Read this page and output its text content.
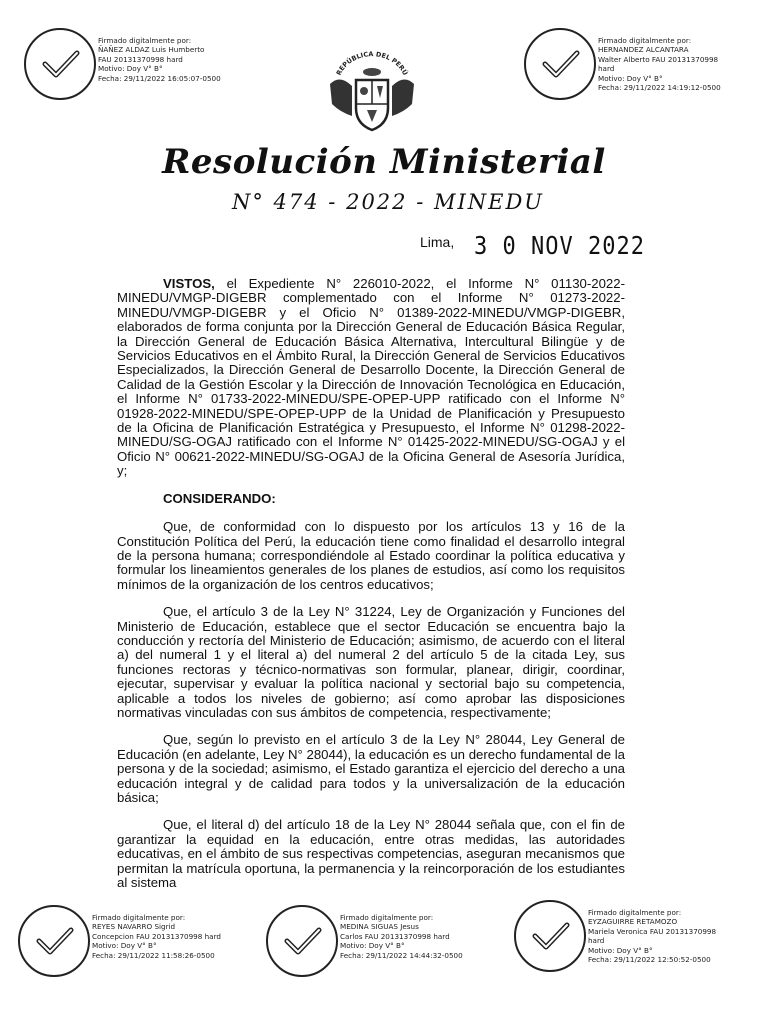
Firmado digitalmente por:
ÑAÑEZ ALDAZ Luis Humberto
FAU 20131370998 hard
Motivo: Doy V° B°
Fecha: 29/11/2022 16:05:07-0500
Firmado digitalmente por:
HERNANDEZ ALCANTARA
Walter Alberto FAU 20131370998
hard
Motivo: Doy V° B°
Fecha: 29/11/2022 14:19:12-0500
REPÚBLICA DEL PERÚ
Resolución Ministerial
N° 474 - 2022 - MINEDU
Lima, 3 0 NOV 2022

VISTOS, el Expediente N° 226010-2022, el Informe N° 01130-2022-MINEDU/VMGP-DIGEBR complementado con el Informe N° 01273-2022-MINEDU/VMGP-DIGEBR y el Oficio N° 01389-2022-MINEDU/VMGP-DIGEBR, elaborados de forma conjunta por la Dirección General de Educación Básica Regular, la Dirección General de Educación Básica Alternativa, Intercultural Bilingüe y de Servicios Educativos en el Ámbito Rural, la Dirección General de Servicios Educativos Especializados, la Dirección General de Desarrollo Docente, la Dirección General de Calidad de la Gestión Escolar y la Dirección de Innovación Tecnológica en Educación, el Informe N° 01733-2022-MINEDU/SPE-OPEP-UPP ratificado con el Informe N° 01928-2022-MINEDU/SPE-OPEP-UPP de la Unidad de Planificación y Presupuesto de la Oficina de Planificación Estratégica y Presupuesto, el Informe N° 01298-2022-MINEDU/SG-OGAJ ratificado con el Informe N° 01425-2022-MINEDU/SG-OGAJ y el Oficio N° 00621-2022-MINEDU/SG-OGAJ de la Oficina General de Asesoría Jurídica, y;

CONSIDERANDO:

Que, de conformidad con lo dispuesto por los artículos 13 y 16 de la Constitución Política del Perú, la educación tiene como finalidad el desarrollo integral de la persona humana; correspondiéndole al Estado coordinar la política educativa y formular los lineamientos generales de los planes de estudios, así como los requisitos mínimos de la organización de los centros educativos;

Que, el artículo 3 de la Ley N° 31224, Ley de Organización y Funciones del Ministerio de Educación, establece que el sector Educación se encuentra bajo la conducción y rectoría del Ministerio de Educación; asimismo, de acuerdo con el literal a) del numeral 1 y el literal a) del numeral 2 del artículo 5 de la citada Ley, sus funciones rectoras y técnico-normativas son formular, planear, dirigir, coordinar, ejecutar, supervisar y evaluar la política nacional y sectorial bajo su competencia, aplicable a todos los niveles de gobierno; así como aprobar las disposiciones normativas vinculadas con sus ámbitos de competencia, respectivamente;

Que, según lo previsto en el artículo 3 de la Ley N° 28044, Ley General de Educación (en adelante, Ley N° 28044), la educación es un derecho fundamental de la persona y de la sociedad; asimismo, el Estado garantiza el ejercicio del derecho a una educación integral y de calidad para todos y la universalización de la educación básica;

Que, el literal d) del artículo 18 de la Ley N° 28044 señala que, con el fin de garantizar la equidad en la educación, entre otras medidas, las autoridades educativas, en el ámbito de sus respectivas competencias, aseguran mecanismos que permitan la matrícula oportuna, la permanencia y la reincorporación de los estudiantes al sistema

Firmado digitalmente por:
REYES NAVARRO Sigrid
Concepcion FAU 20131370998 hard
Motivo: Doy V° B°
Fecha: 29/11/2022 11:58:26-0500
Firmado digitalmente por:
MEDINA SIGUAS Jesus
Carlos FAU 20131370998 hard
Motivo: Doy V° B°
Fecha: 29/11/2022 14:44:32-0500
Firmado digitalmente por:
EYZAGUIRRE RETAMOZO
Mariela Veronica FAU 20131370998
hard
Motivo: Doy V° B°
Fecha: 29/11/2022 12:50:52-0500
